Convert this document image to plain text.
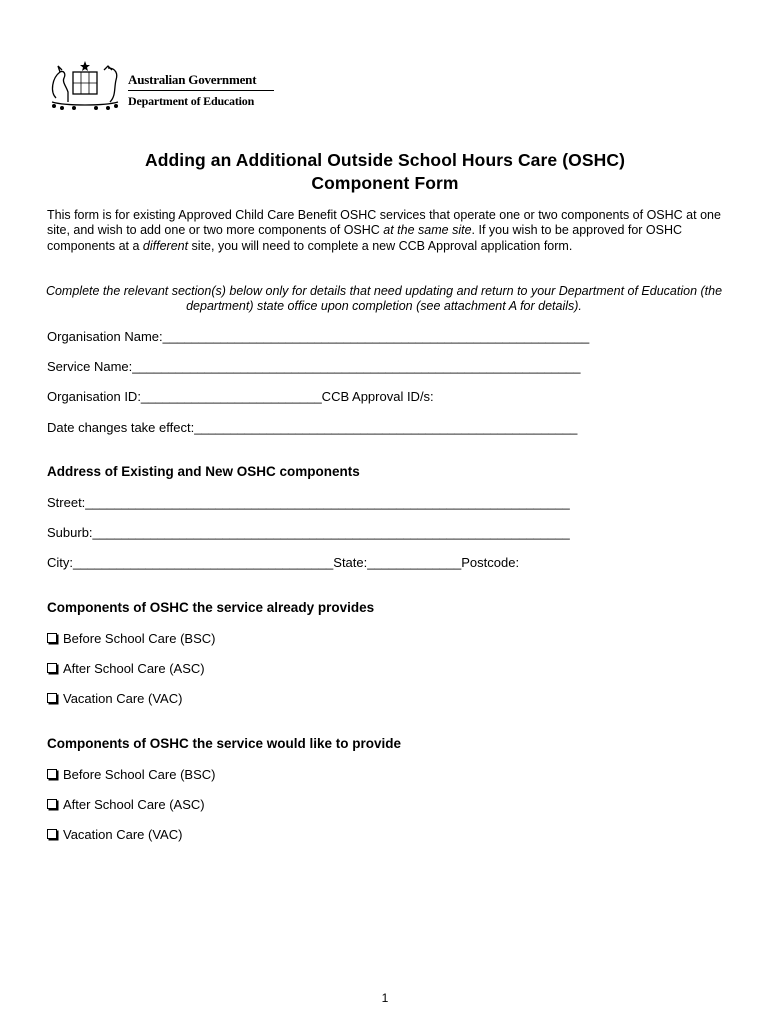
Australian Government
Department of Education
Adding an Additional Outside School Hours Care (OSHC)
Component Form
This form is for existing Approved Child Care Benefit OSHC services that operate one or two components of OSHC at one site, and wish to add one or two more components of OSHC at the same site. If you wish to be approved for OSHC components at a different site, you will need to complete a new CCB Approval application form.
Complete the relevant section(s) below only for details that need updating and return to your Department of Education (the department) state office upon completion (see attachment A for details).
Organisation Name:___________________________________________________________
Service Name:______________________________________________________________
Organisation ID:_________________________CCB Approval ID/s:
Date changes take effect:_____________________________________________________
Address of Existing and New OSHC components
Street:___________________________________________________________________
Suburb:__________________________________________________________________
City:____________________________________State:_____________Postcode:
Components of OSHC the service already provides
Before School Care (BSC)
After School Care (ASC)
Vacation Care (VAC)
Components of OSHC the service would like to provide
Before School Care (BSC)
After School Care (ASC)
Vacation Care (VAC)
1
